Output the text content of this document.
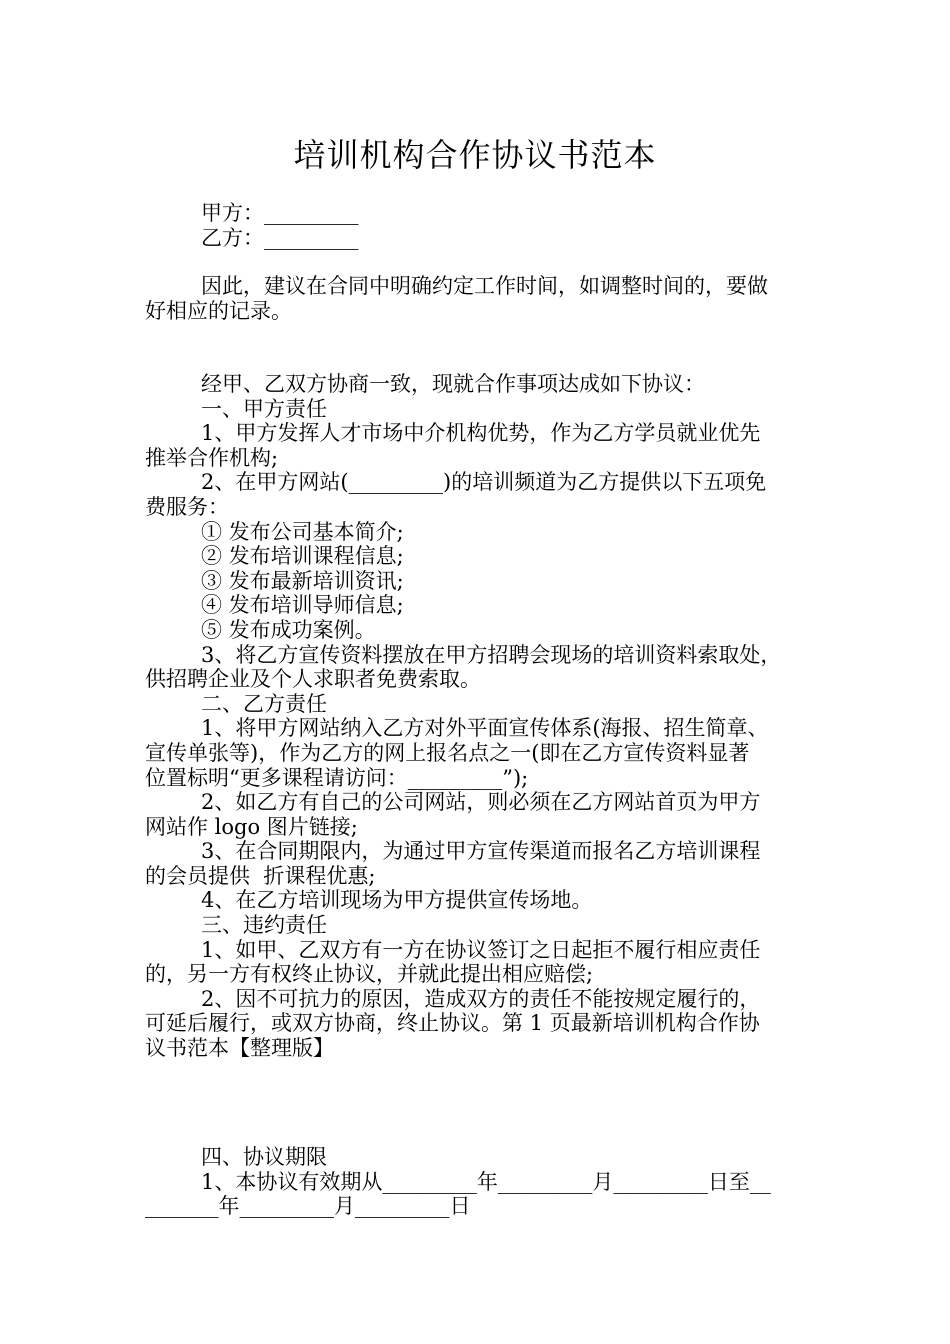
培训机构合作协议书范本
甲方：_________
乙方：_________
因此，建议在合同中明确约定工作时间，如调整时间的，要做
好相应的记录。
经甲、乙双方协商一致，现就合作事项达成如下协议：
一、甲方责任
1、甲方发挥人才市场中介机构优势，作为乙方学员就业优先
推举合作机构;
2、在甲方网站(_________)的培训频道为乙方提供以下五项免
费服务：
① 发布公司基本简介;
② 发布培训课程信息;
③ 发布最新培训资讯;
④ 发布培训导师信息;
⑤ 发布成功案例。
3、将乙方宣传资料摆放在甲方招聘会现场的培训资料索取处，
供招聘企业及个人求职者免费索取。
二、乙方责任
1、将甲方网站纳入乙方对外平面宣传体系(海报、招生简章、
宣传单张等)，作为乙方的网上报名点之一(即在乙方宣传资料显著
位置标明“更多课程请访问：_________”);
2、如乙方有自己的公司网站，则必须在乙方网站首页为甲方
网站作 logo 图片链接;
3、在合同期限内，为通过甲方宣传渠道而报名乙方培训课程
的会员提供  折课程优惠;
4、在乙方培训现场为甲方提供宣传场地。
三、违约责任
1、如甲、乙双方有一方在协议签订之日起拒不履行相应责任
的，另一方有权终止协议，并就此提出相应赔偿;
2、因不可抗力的原因，造成双方的责任不能按规定履行的，
可延后履行，或双方协商，终止协议。第 1 页最新培训机构合作协
议书范本【整理版】
四、协议期限
1、本协议有效期从_________年_________月_________日至__
_______年_________月_________日
